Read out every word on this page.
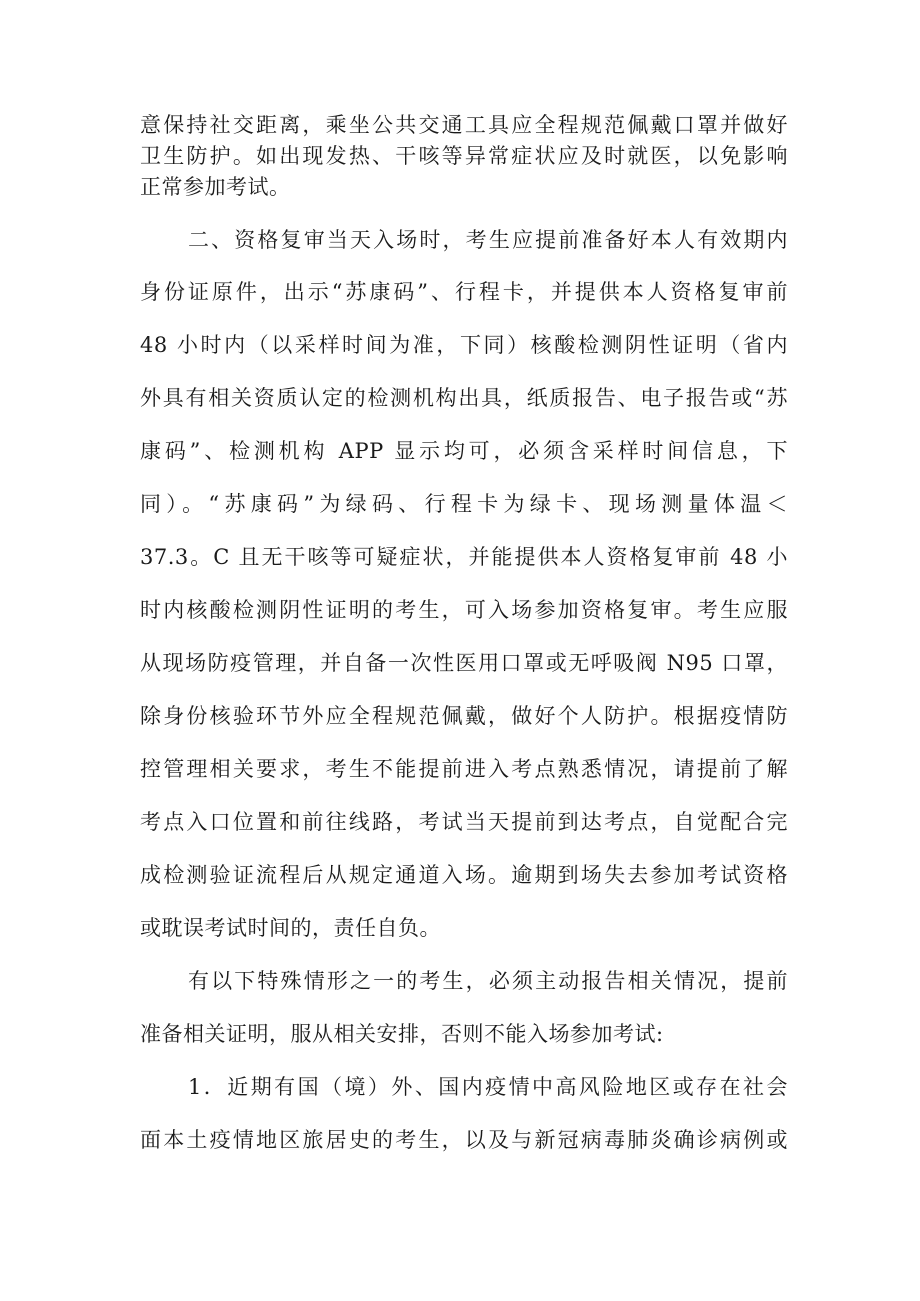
意保持社交距离，乘坐公共交通工具应全程规范佩戴口罩并做好
卫生防护。如出现发热、干咳等异常症状应及时就医，以免影响
正常参加考试。
二、资格复审当天入场时，考生应提前准备好本人有效期内
身份证原件，出示“苏康码”、行程卡，并提供本人资格复审前
48 小时内（以采样时间为准，下同）核酸检测阴性证明（省内
外具有相关资质认定的检测机构出具，纸质报告、电子报告或“苏
康码”、检测机构 APP 显示均可，必须含采样时间信息，下
同）。“苏康码”为绿码、行程卡为绿卡、现场测量体温＜
37.3。C 且无干咳等可疑症状，并能提供本人资格复审前 48 小
时内核酸检测阴性证明的考生，可入场参加资格复审。考生应服
从现场防疫管理，并自备一次性医用口罩或无呼吸阀 N95 口罩，
除身份核验环节外应全程规范佩戴，做好个人防护。根据疫情防
控管理相关要求，考生不能提前进入考点熟悉情况，请提前了解
考点入口位置和前往线路，考试当天提前到达考点，自觉配合完
成检测验证流程后从规定通道入场。逾期到场失去参加考试资格
或耽误考试时间的，责任自负。
有以下特殊情形之一的考生，必须主动报告相关情况，提前
准备相关证明，服从相关安排，否则不能入场参加考试:
1．近期有国（境）外、国内疫情中高风险地区或存在社会
面本土疫情地区旅居史的考生，以及与新冠病毒肺炎确诊病例或
